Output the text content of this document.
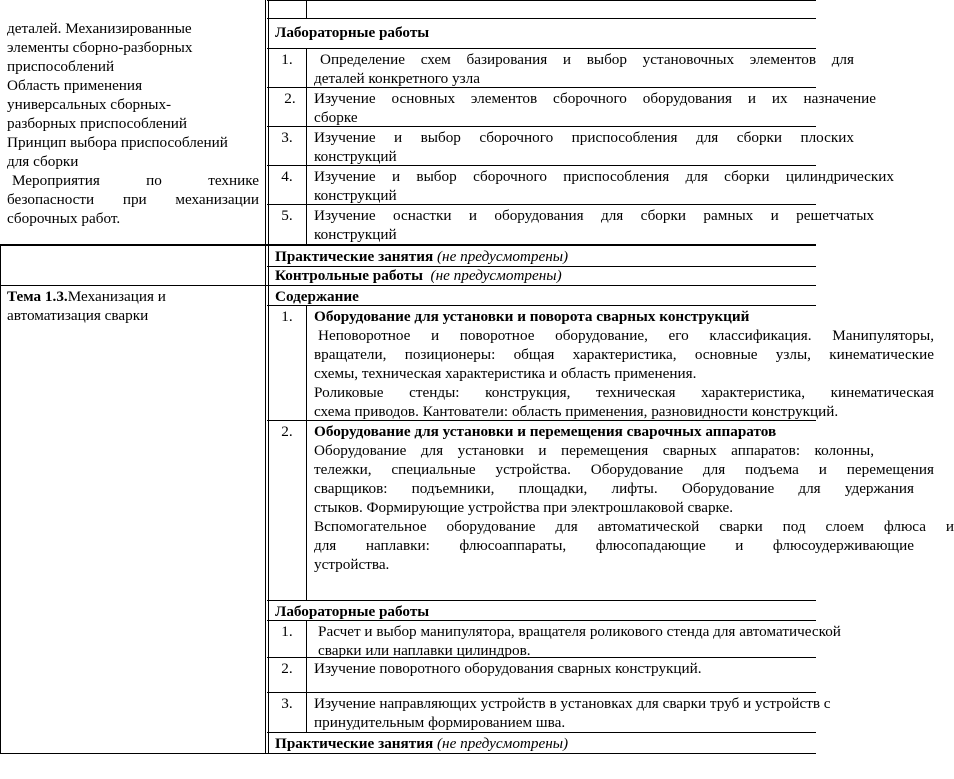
деталей. Механизированные
элементы сборно-разборных
приспособлений
Область применения
универсальных сборных-
разборных приспособлений
Принцип выбора приспособлений
для сборки
Мероприятия по технике
безопасности при механизации
сборочных работ.
Лабораторные работы
1.	Определение схем базирования и выбор установочных элементов для
деталей конкретного узла
2.	Изучение основных элементов сборочного оборудования и их назначение
сборке
3.	Изучение и выбор сборочного приспособления для сборки плоских
конструкций
4.	Изучение и выбор сборочного приспособления для сборки цилиндрических
конструкций
5.	Изучение оснастки и оборудования для сборки рамных и решетчатых
конструкций
Практические занятия (не предусмотрены)
Контрольные работы (не предусмотрены)
Тема 1.3.Механизация и
автоматизация сварки
Содержание
1.	Оборудование для установки и поворота сварных конструкций
Неповоротное и поворотное оборудование, его классификация. Манипуляторы,
вращатели, позиционеры: общая характеристика, основные узлы, кинематические
схемы, техническая характеристика и область применения.
Роликовые стенды: конструкция, техническая характеристика, кинематическая
схема приводов. Кантователи: область применения, разновидности конструкций.
2.	Оборудование для установки и перемещения сварочных аппаратов
Оборудование для установки и перемещения сварных аппаратов: колонны,
тележки, специальные устройства. Оборудование для подъема и перемещения
сварщиков: подъемники, площадки, лифты. Оборудование для удержания
стыков. Формирующие устройства при электрошлаковой сварке.
Вспомогательное оборудование для автоматической сварки под слоем флюса и
для наплавки: флюсоаппараты, флюсопадающие и флюсоудерживающие
устройства.
Лабораторные работы
1.	Расчет и выбор манипулятора, вращателя роликового стенда для автоматической
сварки или наплавки цилиндров.
2.	Изучение поворотного оборудования сварных конструкций.
3.	Изучение направляющих устройств в установках для сварки труб и устройств с
принудительным формированием шва.
Практические занятия (не предусмотрены)
